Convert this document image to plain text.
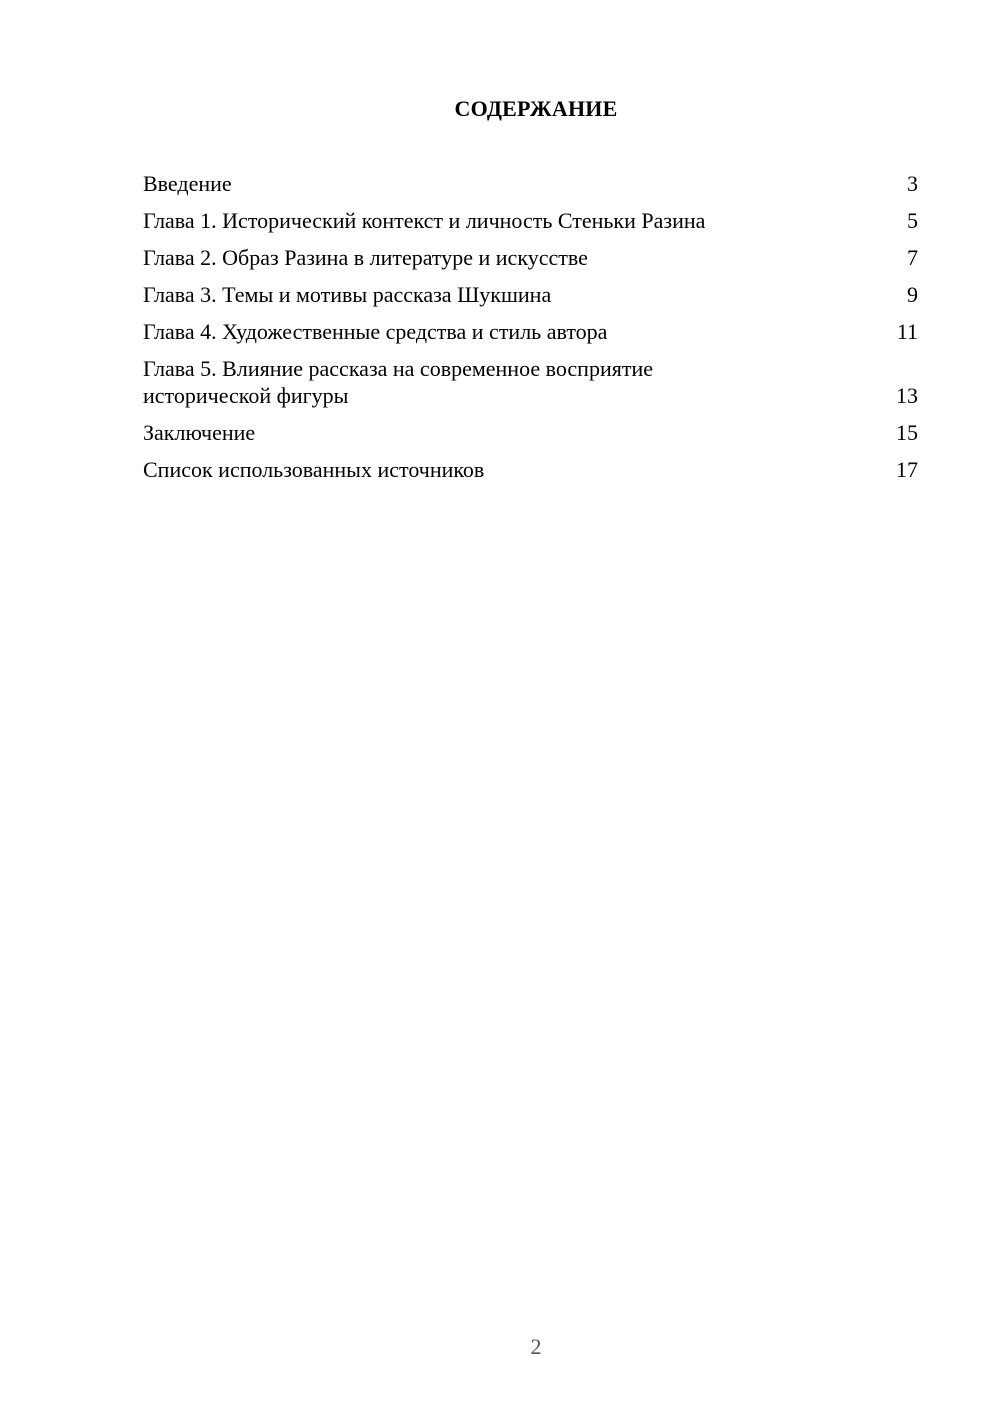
СОДЕРЖАНИЕ
Введение	3
Глава 1. Исторический контекст и личность Стеньки Разина	5
Глава 2. Образ Разина в литературе и искусстве	7
Глава 3. Темы и мотивы рассказа Шукшина	9
Глава 4. Художественные средства и стиль автора	11
Глава 5. Влияние рассказа на современное восприятие
исторической фигуры	13
Заключение	15
Список использованных источников	17
2
